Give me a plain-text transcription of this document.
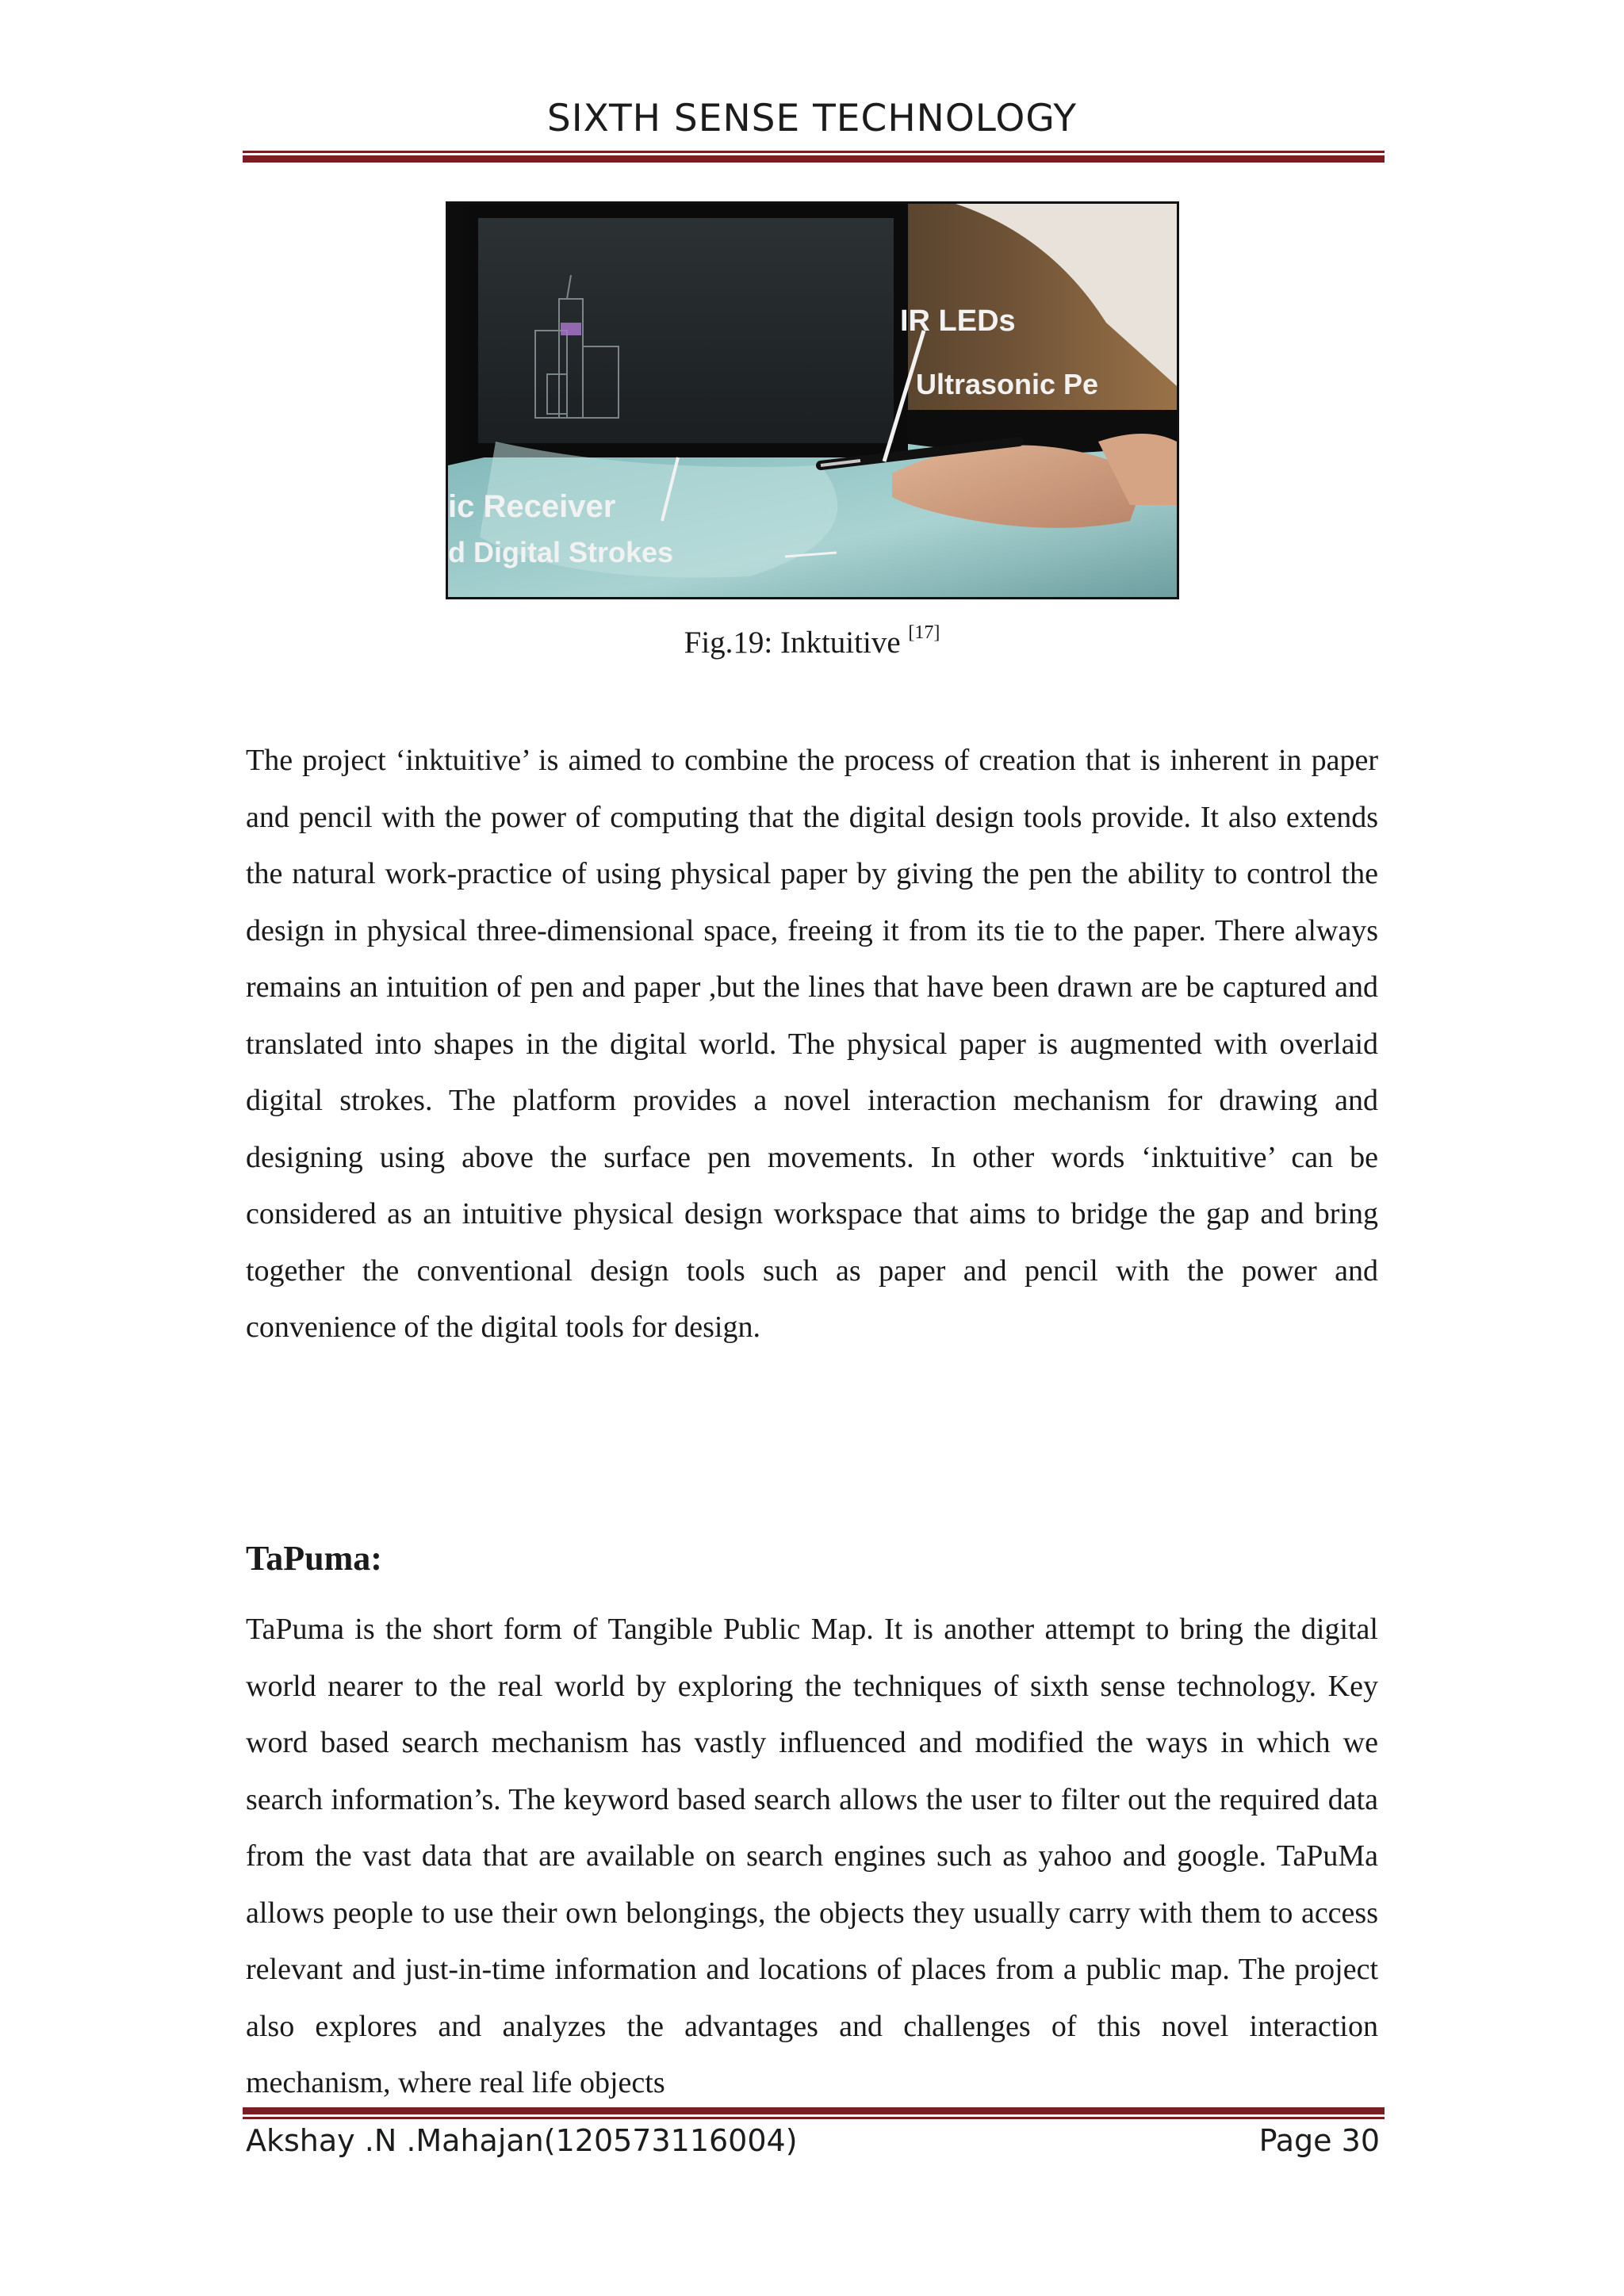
SIXTH SENSE TECHNOLOGY
IR LEDs
Ultrasonic Pe
ic Receiver
d Digital Strokes
Fig.19: Inktuitive [17]

The project ‘inktuitive’ is aimed to combine the process of creation that is inherent in paper and pencil with the power of computing that the digital design tools provide. It also extends the natural work-practice of using physical paper by giving the pen the ability to control the design in physical three-dimensional space, freeing it from its tie to the paper. There always remains an intuition of pen and paper ,but the lines that have been drawn are be captured and translated into shapes in the digital world. The physical paper is augmented with overlaid digital strokes. The platform provides a novel interaction mechanism for drawing and designing using above the surface pen movements. In other words ‘inktuitive’ can be considered as an intuitive physical design workspace that aims to bridge the gap and bring together the conventional design tools such as paper and pencil with the power and convenience of the digital tools for design.

TaPuma:

TaPuma is the short form of Tangible Public Map. It is another attempt to bring the digital world nearer to the real world by exploring the techniques of sixth sense technology. Key word based search mechanism has vastly influenced and modified the ways in which we search information’s. The keyword based search allows the user to filter out the required data from the vast data that are available on search engines such as yahoo and google. TaPuMa allows people to use their own belongings, the objects they usually carry with them to access relevant and just-in-time information and locations of places from a public map. The project also explores and analyzes the advantages and challenges of this novel interaction mechanism, where real life objects

Akshay .N .Mahajan(120573116004)	Page 30
